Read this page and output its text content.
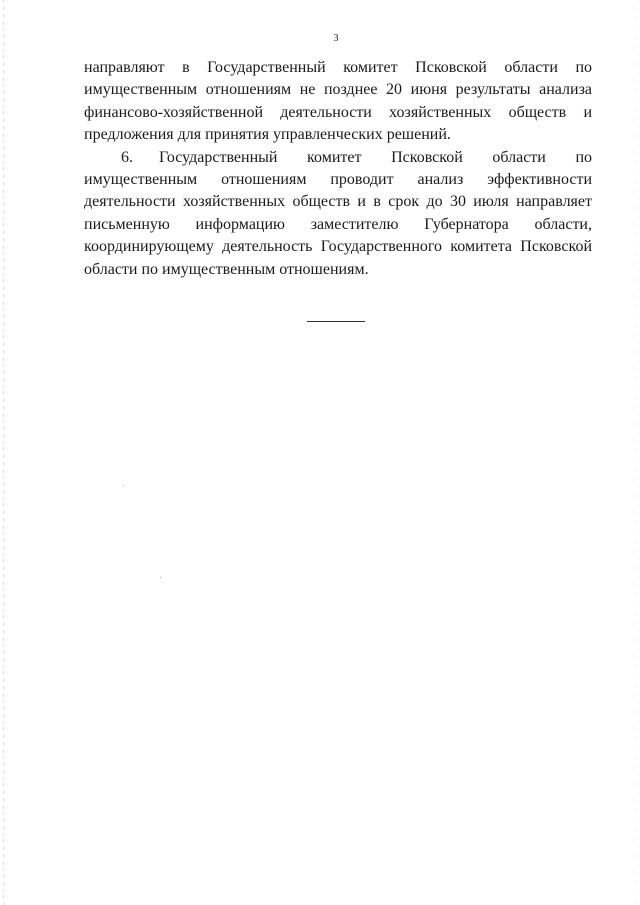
3

направляют в Государственный комитет Псковской области по имущественным отношениям не позднее 20 июня результаты анализа финансово-хозяйственной деятельности хозяйственных обществ и предложения для принятия управленческих решений.

6. Государственный комитет Псковской области по имущественным отношениям проводит анализ эффективности деятельности хозяйственных обществ и в срок до 30 июля направляет письменную информацию заместителю Губернатора области, координирующему деятельность Государственного комитета Псковской области по имущественным отношениям.
